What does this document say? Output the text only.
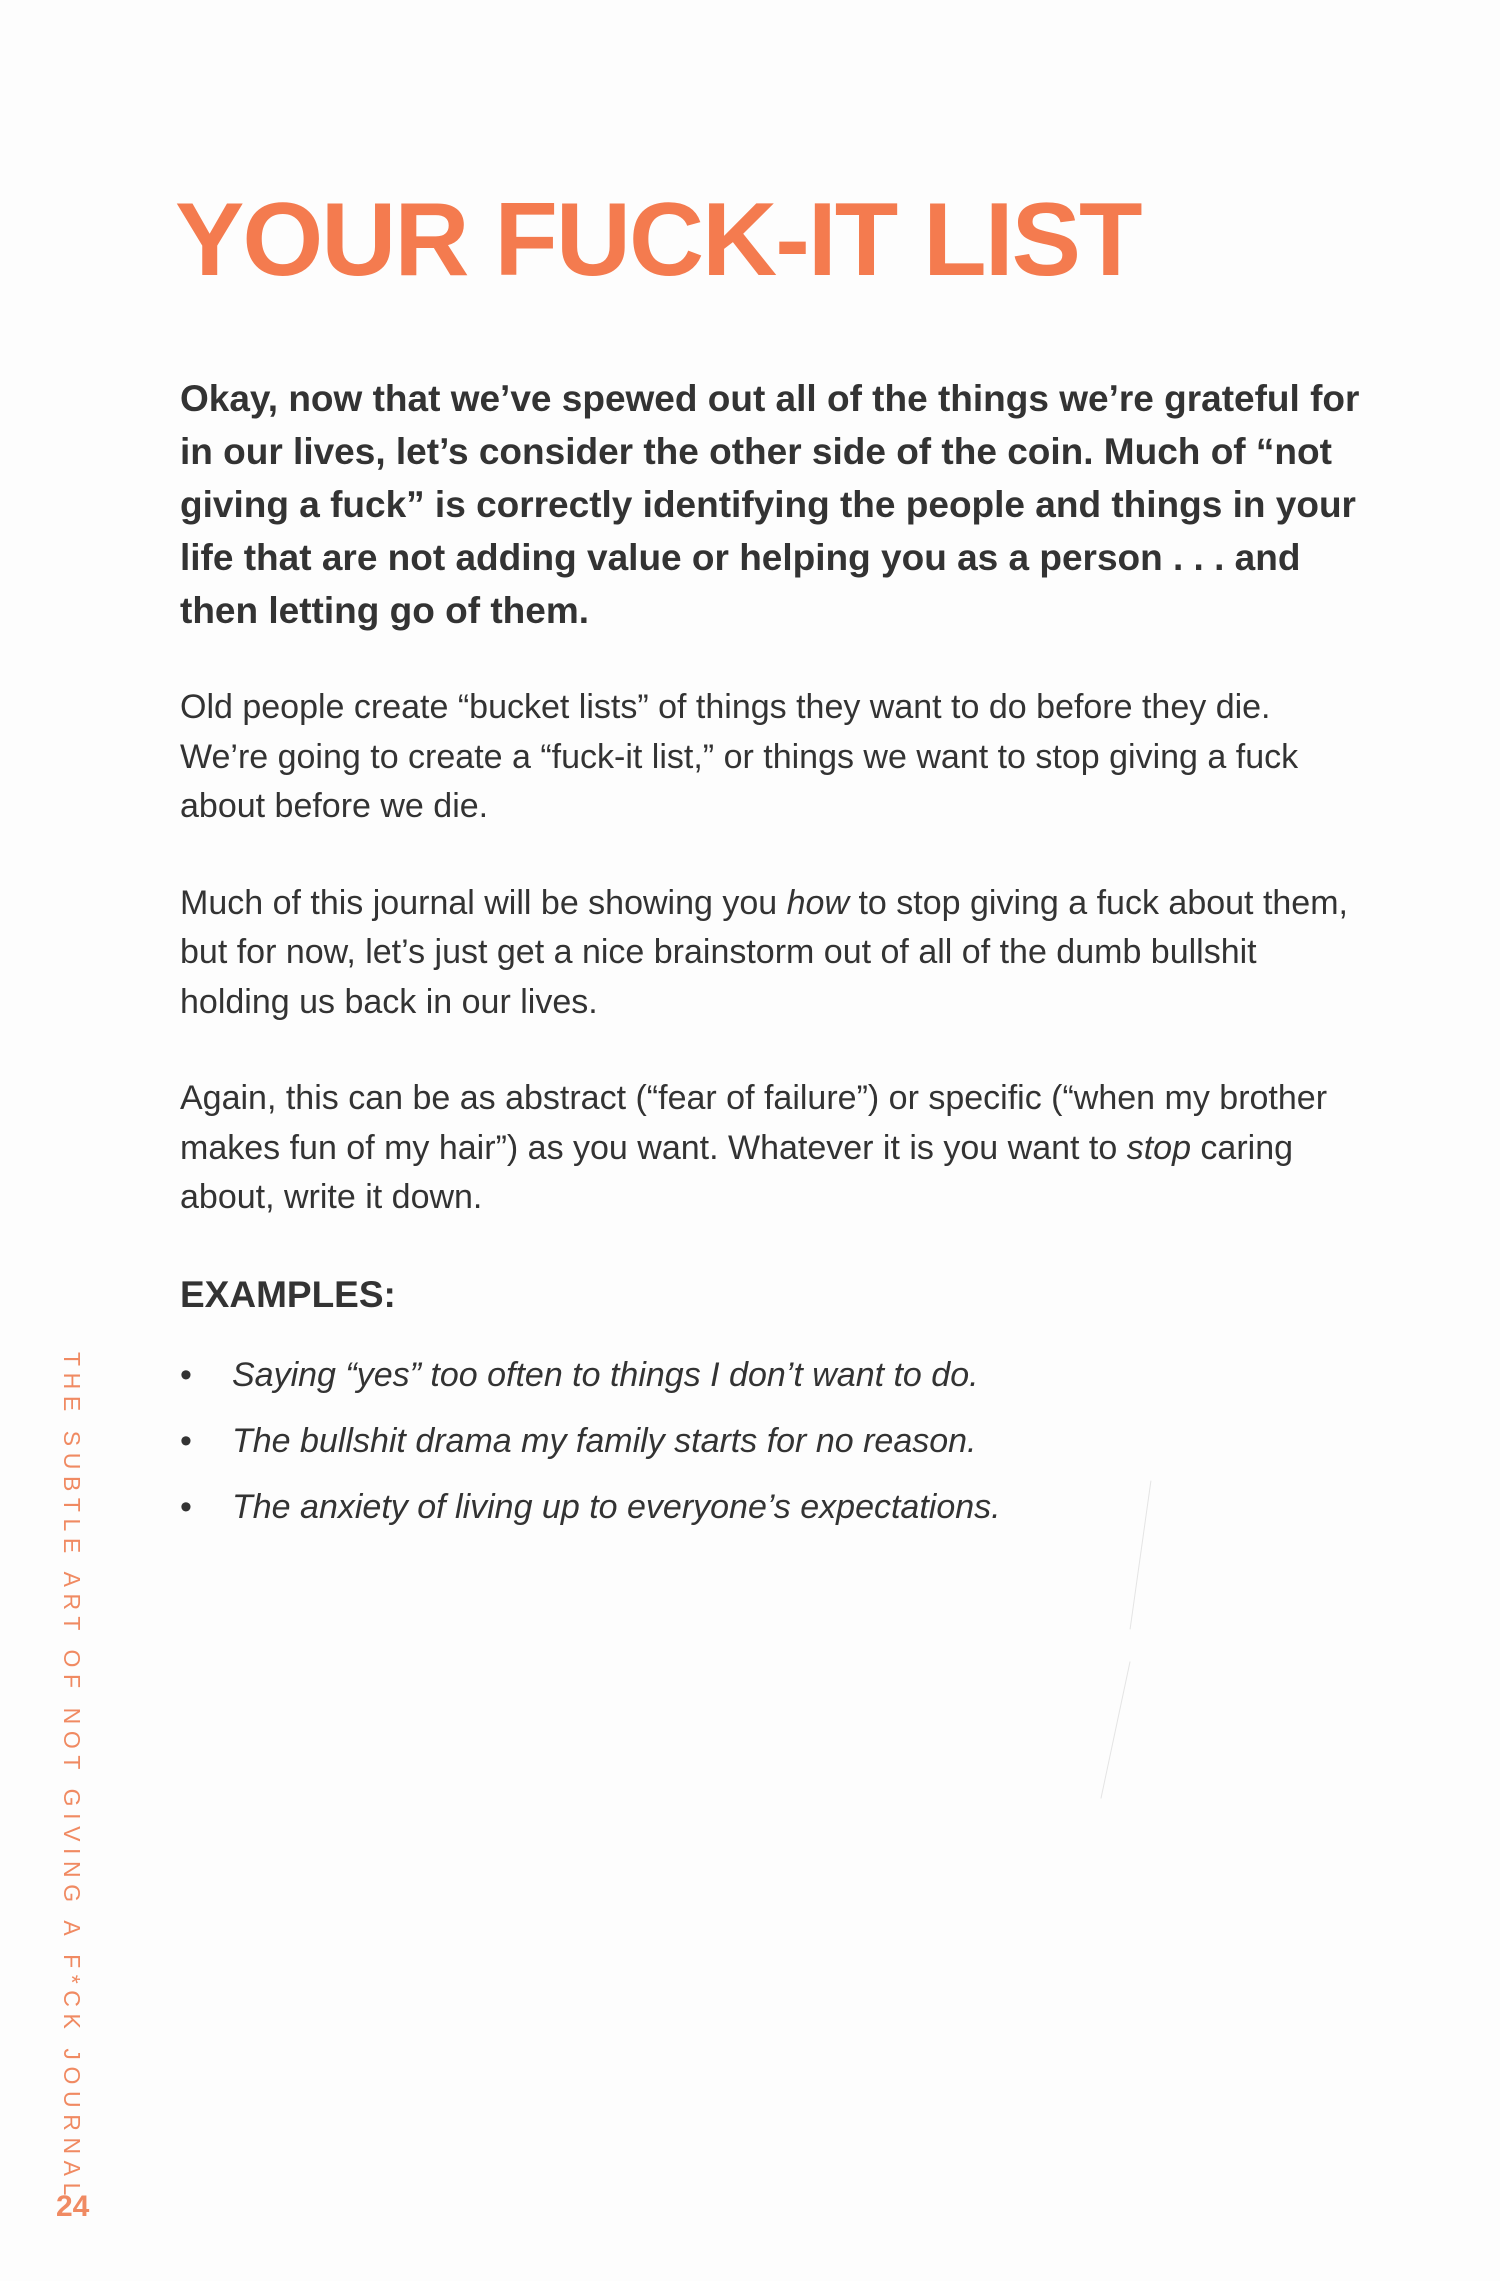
YOUR FUCK-IT LIST

Okay, now that we’ve spewed out all of the things we’re grateful for in our lives, let’s consider the other side of the coin. Much of “not giving a fuck” is correctly identifying the people and things in your life that are not adding value or helping you as a person . . . and then letting go of them.

Old people create “bucket lists” of things they want to do before they die. We’re going to create a “fuck-it list,” or things we want to stop giving a fuck about before we die.

Much of this journal will be showing you how to stop giving a fuck about them, but for now, let’s just get a nice brainstorm out of all of the dumb bullshit holding us back in our lives.

Again, this can be as abstract (“fear of failure”) or specific (“when my brother makes fun of my hair”) as you want. Whatever it is you want to stop caring about, write it down.

EXAMPLES:
• Saying “yes” too often to things I don’t want to do.
• The bullshit drama my family starts for no reason.
• The anxiety of living up to everyone’s expectations.
THE SUBTLE ART OF NOT GIVING A F*CK JOURNAL
24
